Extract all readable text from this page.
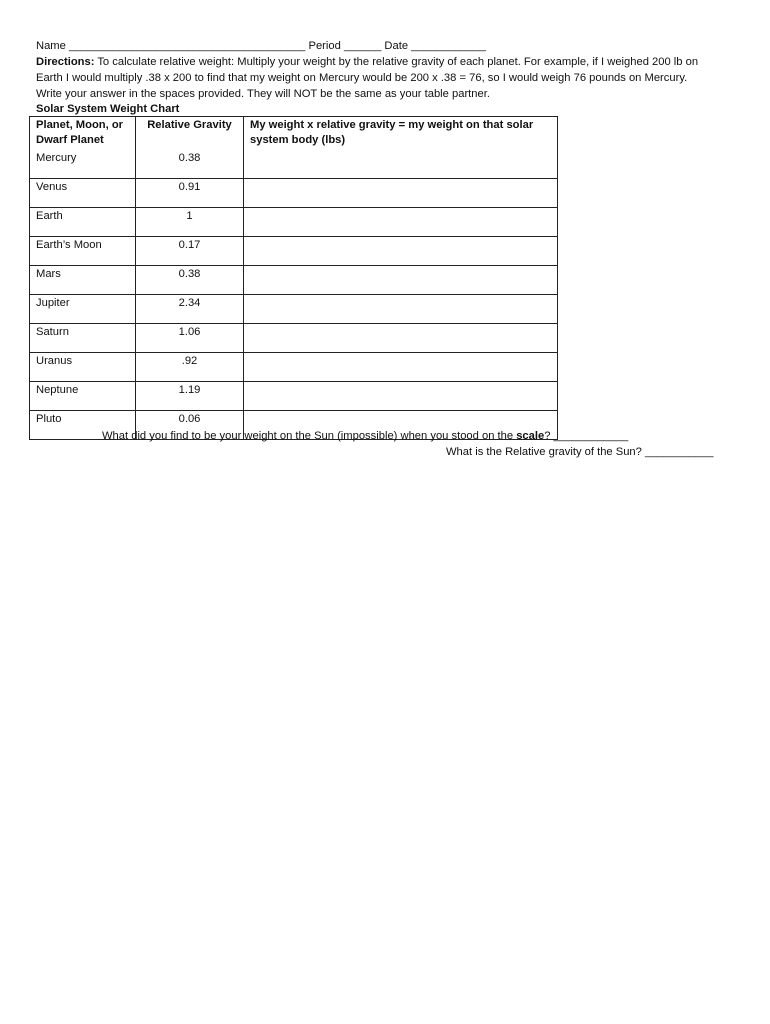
Name ______________________________________ Period ______ Date ____________
Directions: To calculate relative weight: Multiply your weight by the relative gravity of each planet. For example, if I weighed 200 lb on
Earth I would multiply .38 x 200 to find that my weight on Mercury would be 200 x .38 = 76, so I would weigh 76 pounds on Mercury.
Write your answer in the spaces provided. They will NOT be the same as your table partner.
Solar System Weight Chart
Planet, Moon, or Dwarf Planet	Relative Gravity	My weight x relative gravity = my weight on that solar system body (lbs)
Mercury	0.38	
Venus	0.91	
Earth	1	
Earth’s Moon	0.17	
Mars	0.38	
Jupiter	2.34	
Saturn	1.06	
Uranus	.92	
Neptune	1.19	
Pluto	0.06	
What did you find to be your weight on the Sun (impossible) when you stood on the scale? ____________
What is the Relative gravity of the Sun? ___________
